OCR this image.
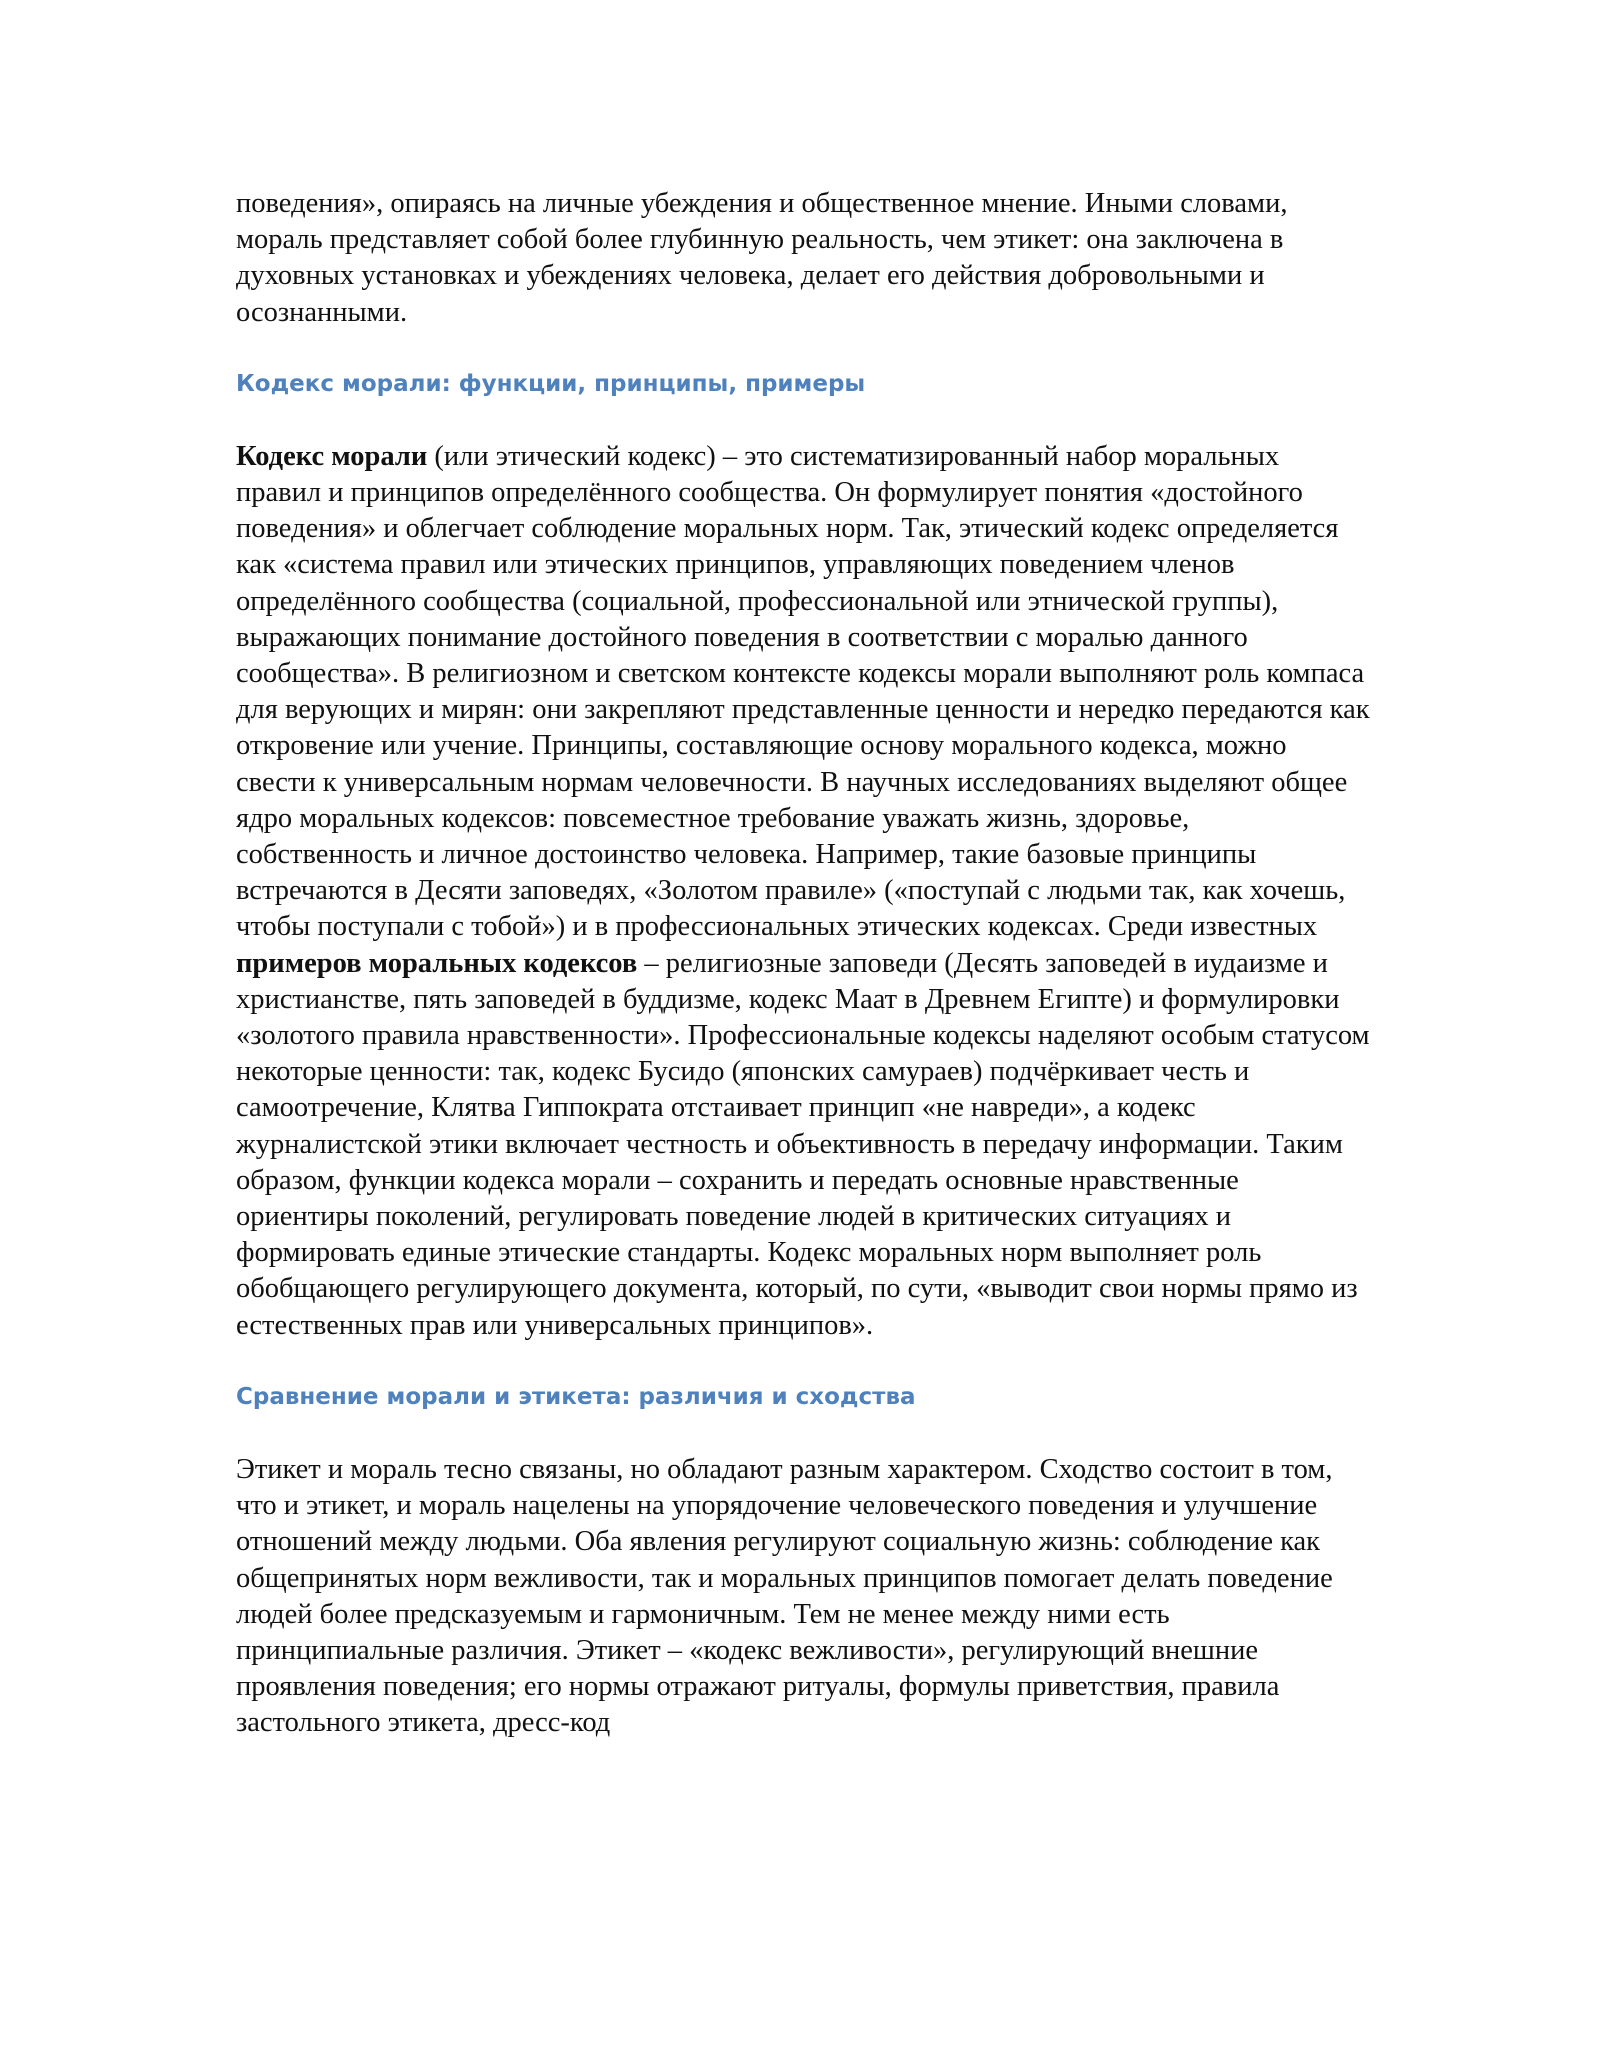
поведения», опираясь на личные убеждения и общественное мнение. Иными словами, мораль представляет собой более глубинную реальность, чем этикет: она заключена в духовных установках и убеждениях человека, делает его действия добровольными и осознанными.

Кодекс морали: функции, принципы, примеры

Кодекс морали (или этический кодекс) – это систематизированный набор моральных правил и принципов определённого сообщества. Он формулирует понятия «достойного поведения» и облегчает соблюдение моральных норм. Так, этический кодекс определяется как «система правил или этических принципов, управляющих поведением членов определённого сообщества (социальной, профессиональной или этнической группы), выражающих понимание достойного поведения в соответствии с моралью данного сообщества». В религиозном и светском контексте кодексы морали выполняют роль компаса для верующих и мирян: они закрепляют представленные ценности и нередко передаются как откровение или учение. Принципы, составляющие основу морального кодекса, можно свести к универсальным нормам человечности. В научных исследованиях выделяют общее ядро моральных кодексов: повсеместное требование уважать жизнь, здоровье, собственность и личное достоинство человека. Например, такие базовые принципы встречаются в Десяти заповедях, «Золотом правиле» («поступай с людьми так, как хочешь, чтобы поступали с тобой») и в профессиональных этических кодексах. Среди известных примеров моральных кодексов – религиозные заповеди (Десять заповедей в иудаизме и христианстве, пять заповедей в буддизме, кодекс Маат в Древнем Египте) и формулировки «золотого правила нравственности». Профессиональные кодексы наделяют особым статусом некоторые ценности: так, кодекс Бусидо (японских самураев) подчёркивает честь и самоотречение, Клятва Гиппократа отстаивает принцип «не навреди», а кодекс журналистской этики включает честность и объективность в передачу информации. Таким образом, функции кодекса морали – сохранить и передать основные нравственные ориентиры поколений, регулировать поведение людей в критических ситуациях и формировать единые этические стандарты. Кодекс моральных норм выполняет роль обобщающего регулирующего документа, который, по сути, «выводит свои нормы прямо из естественных прав или универсальных принципов».

Сравнение морали и этикета: различия и сходства

Этикет и мораль тесно связаны, но обладают разным характером. Сходство состоит в том, что и этикет, и мораль нацелены на упорядочение человеческого поведения и улучшение отношений между людьми. Оба явления регулируют социальную жизнь: соблюдение как общепринятых норм вежливости, так и моральных принципов помогает делать поведение людей более предсказуемым и гармоничным. Тем не менее между ними есть принципиальные различия. Этикет – «кодекс вежливости», регулирующий внешние проявления поведения; его нормы отражают ритуалы, формулы приветствия, правила застольного этикета, дресс-код
